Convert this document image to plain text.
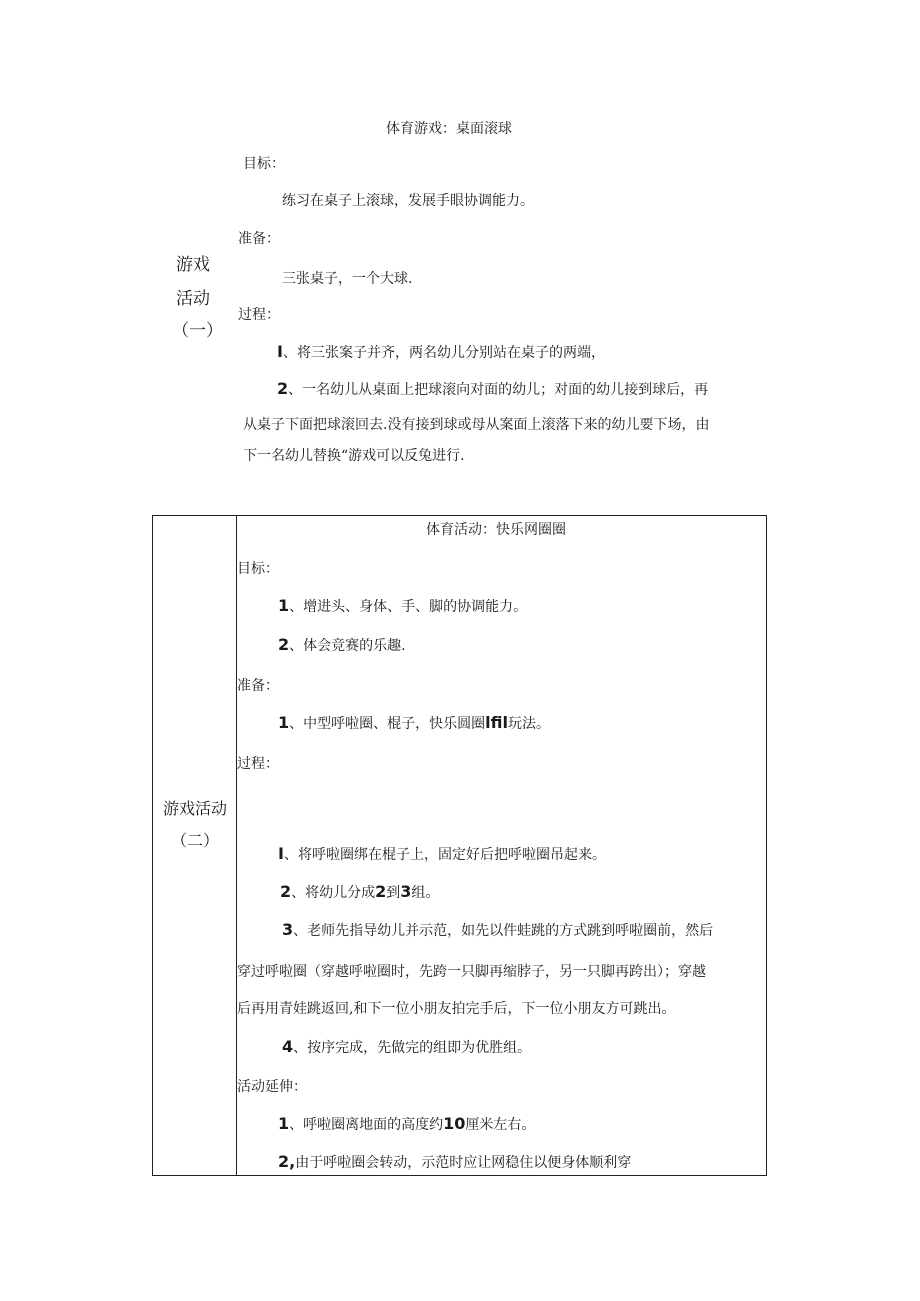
体育游戏：桌面滚球
游戏
活动
（一）
目标：
练习在桌子上滚球，发展手眼协调能力。
准备：
三张桌子，一个大球.
过程：
I、将三张案子并齐，两名幼儿分别站在桌子的两端，
2、一名幼儿从桌面上把球滚向对面的幼儿；对面的幼儿接到球后，再
从桌子下面把球滚回去.没有接到球或母从案面上滚落下来的幼儿要下场，由
下一名幼儿替换“游戏可以反兔进行.
游戏活动
（二）
体育活动：快乐网圈圈
目标：
1、增进头、身体、手、脚的协调能力。
2、体会竞赛的乐趣.
准备：
1、中型呼啦圈、棍子，快乐圆圈lfil玩法。
过程：
I、将呼啦圈绑在棍子上，固定好后把呼啦圈吊起来。
2、将幼儿分成2到3组。
3、老师先指导幼儿并示范，如先以件蛙跳的方式跳到呼啦圈前，然后
穿过呼啦圈（穿越呼啦圈时，先跨一只脚再缩脖子，另一只脚再跨出）；穿越
后再用青娃跳返回,和下一位小朋友拍完手后，下一位小朋友方可跳出。
4、按序完成，先做完的组即为优胜组。
活动延伸：
1、呼啦圈离地面的高度约10厘米左右。
2,由于呼啦圈会转动，示范时应让网稳住以便身体顺利穿
